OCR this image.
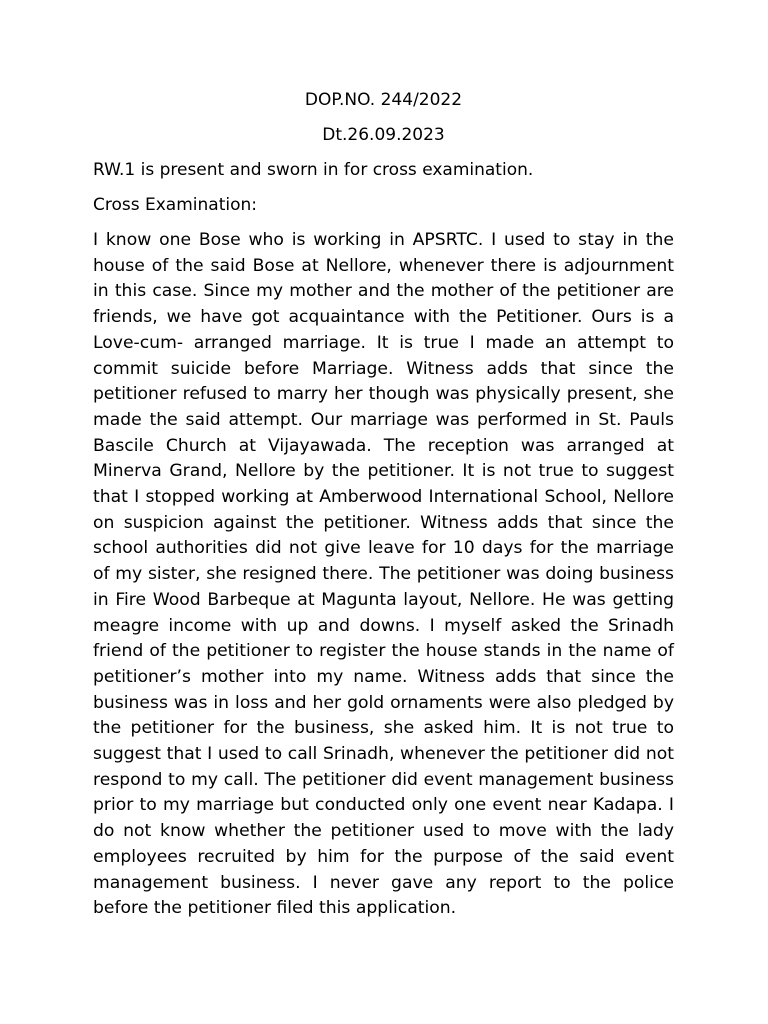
DOP.NO. 244/2022

Dt.26.09.2023

RW.1 is present and sworn in for cross examination.

Cross Examination:

I know one Bose who is working in APSRTC. I used to stay in the house of the said Bose at Nellore, whenever there is adjournment in this case. Since my mother and the mother of the petitioner are friends, we have got acquaintance with the Petitioner. Ours is a Love-cum- arranged marriage. It is true I made an attempt to commit suicide before Marriage. Witness adds that since the petitioner refused to marry her though was physically present, she made the said attempt. Our marriage was performed in St. Pauls Bascile Church at Vijayawada. The reception was arranged at Minerva Grand, Nellore by the petitioner. It is not true to suggest that I stopped working at Amberwood International School, Nellore on suspicion against the petitioner. Witness adds that since the school authorities did not give leave for 10 days for the marriage of my sister, she resigned there. The petitioner was doing business in Fire Wood Barbeque at Magunta layout, Nellore. He was getting meagre income with up and downs. I myself asked the Srinadh friend of the petitioner to register the house stands in the name of petitioner’s mother into my name. Witness adds that since the business was in loss and her gold ornaments were also pledged by the petitioner for the business, she asked him. It is not true to suggest that I used to call Srinadh, whenever the petitioner did not respond to my call. The petitioner did event management business prior to my marriage but conducted only one event near Kadapa. I do not know whether the petitioner used to move with the lady employees recruited by him for the purpose of the said event management business. I never gave any report to the police before the petitioner filed this application.
